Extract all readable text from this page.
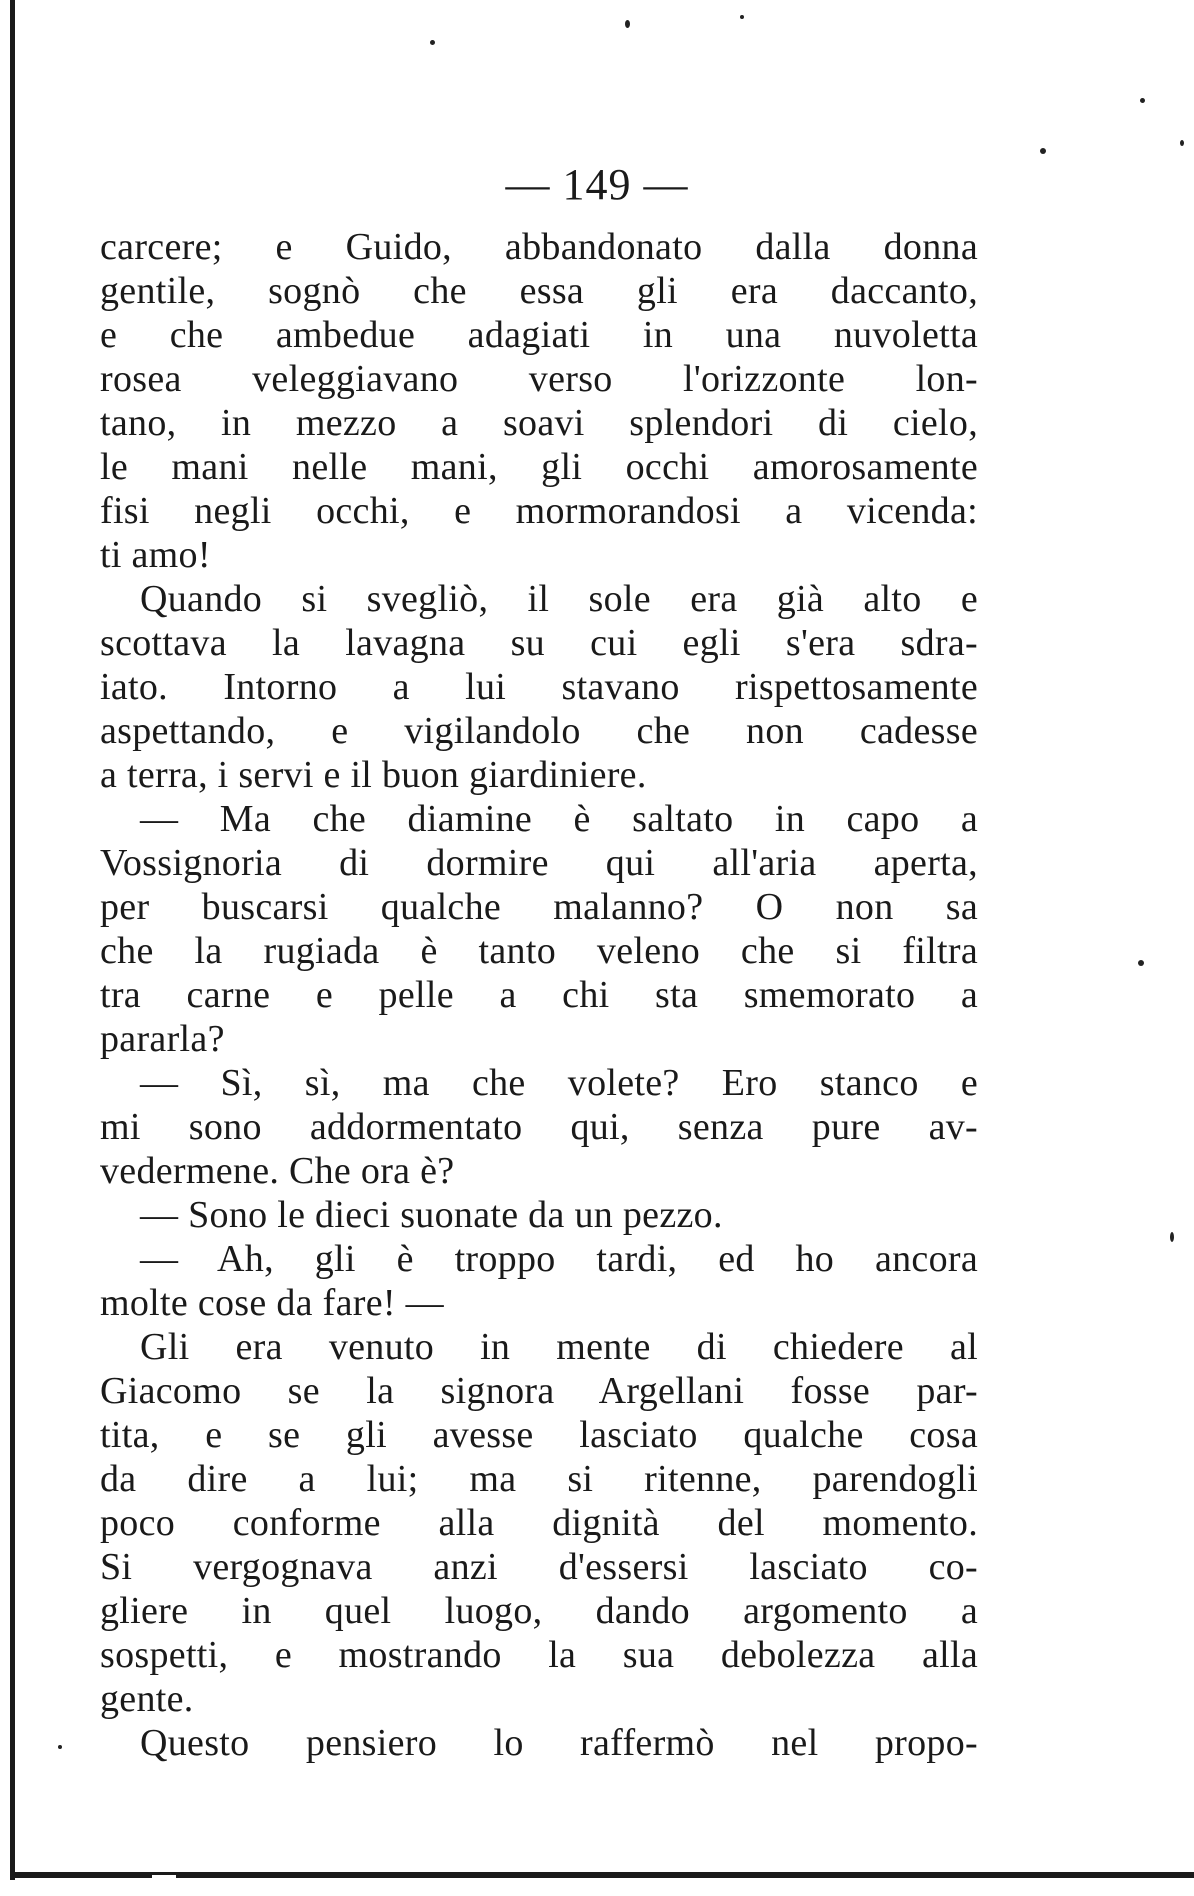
— 149 —
carcere; e Guido, abbandonato dalla donna
gentile, sognò che essa gli era daccanto,
e che ambedue adagiati in una nuvoletta
rosea veleggiavano verso l'orizzonte lon-
tano, in mezzo a soavi splendori di cielo,
le mani nelle mani, gli occhi amorosamente
fisi negli occhi, e mormorandosi a vicenda:
ti amo!
Quando si svegliò, il sole era già alto e
scottava la lavagna su cui egli s'era sdra-
iato. Intorno a lui stavano rispettosamente
aspettando, e vigilandolo che non cadesse
a terra, i servi e il buon giardiniere.
— Ma che diamine è saltato in capo a
Vossignoria di dormire qui all'aria aperta,
per buscarsi qualche malanno? O non sa
che la rugiada è tanto veleno che si filtra
tra carne e pelle a chi sta smemorato a
pararla?
— Sì, sì, ma che volete? Ero stanco e
mi sono addormentato qui, senza pure av-
vedermene. Che ora è?
— Sono le dieci suonate da un pezzo.
— Ah, gli è troppo tardi, ed ho ancora
molte cose da fare! —
Gli era venuto in mente di chiedere al
Giacomo se la signora Argellani fosse par-
tita, e se gli avesse lasciato qualche cosa
da dire a lui; ma si ritenne, parendogli
poco conforme alla dignità del momento.
Si vergognava anzi d'essersi lasciato co-
gliere in quel luogo, dando argomento a
sospetti, e mostrando la sua debolezza alla
gente.
Questo pensiero lo raffermò nel propo-
